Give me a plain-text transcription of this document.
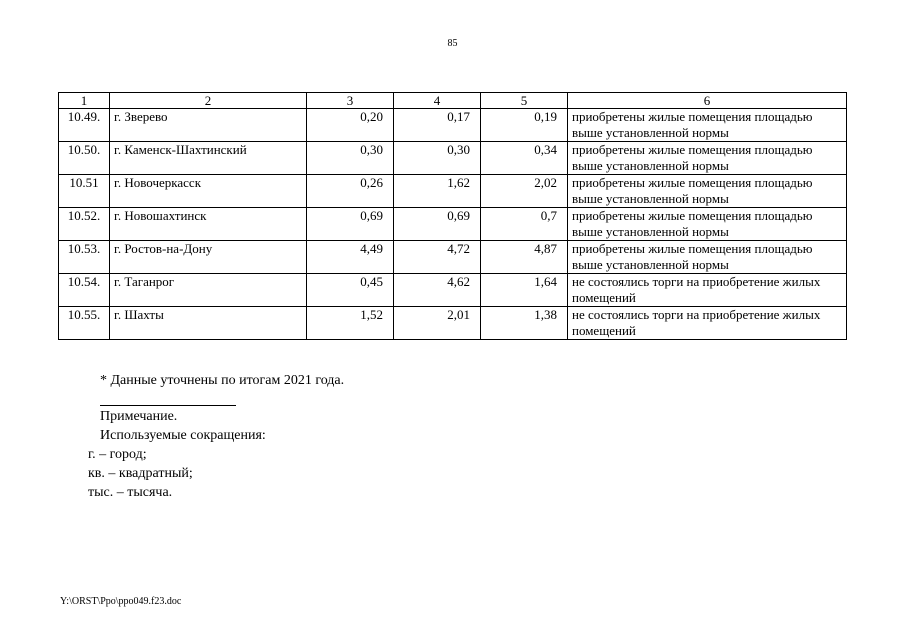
85
1	2	3	4	5	6
10.49.	г. Зверево	0,20	0,17	0,19	приобретены жилые помещения площадью выше установленной нормы
10.50.	г. Каменск-Шахтинский	0,30	0,30	0,34	приобретены жилые помещения площадью выше установленной нормы
10.51	г. Новочеркасск	0,26	1,62	2,02	приобретены жилые помещения площадью выше установленной нормы
10.52.	г. Новошахтинск	0,69	0,69	0,7	приобретены жилые помещения площадью выше установленной нормы
10.53.	г. Ростов-на-Дону	4,49	4,72	4,87	приобретены жилые помещения площадью выше установленной нормы
10.54.	г. Таганрог	0,45	4,62	1,64	не состоялись торги на приобретение жилых помещений
10.55.	г. Шахты	1,52	2,01	1,38	не состоялись торги на приобретение жилых помещений
* Данные уточнены по итогам 2021 года.
Примечание.
Используемые сокращения:
г. – город;
кв. – квадратный;
тыс. – тысяча.
Y:\ORST\Ppo\ppo049.f23.doc
